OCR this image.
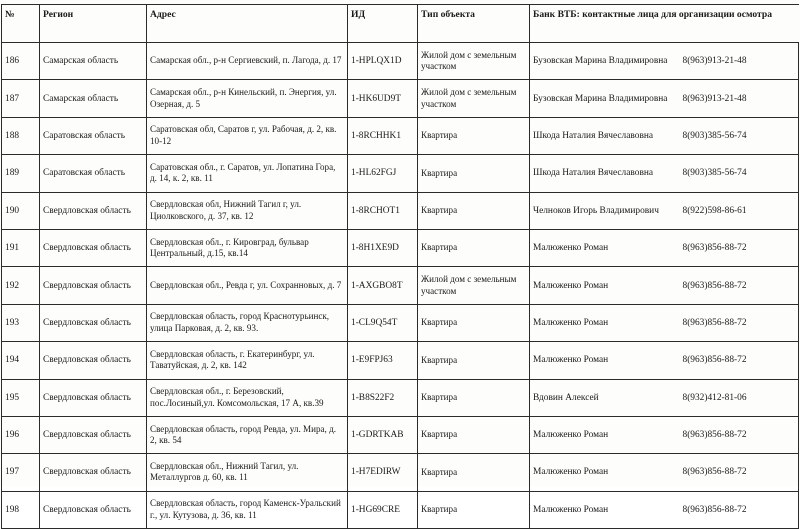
№	Регион	Адрес	ИД	Тип объекта	Банк ВТБ: контактные лица для организации осмотра	
186	Самарская область	Самарская обл., р-н Сергиевский, п. Лагода, д. 17	1-HPLQX1D	Жилой дом с земельным участком	Бузовская Марина Владимировна	8(963)913-21-48
187	Самарская область	Самарская обл., р-н Кинельский, п. Энергия, ул. Озерная, д. 5	1-HK6UD9T	Жилой дом с земельным участком	Бузовская Марина Владимировна	8(963)913-21-48
188	Саратовская область	Саратовская обл, Саратов г, ул. Рабочая, д. 2, кв. 10-12	1-8RCHHK1	Квартира	Шкода Наталия Вячеславовна	8(903)385-56-74
189	Саратовская область	Саратовская обл., г. Саратов, ул. Лопатина Гора, д. 14, к. 2, кв. 11	1-HL62FGJ	Квартира	Шкода Наталия Вячеславовна	8(903)385-56-74
190	Свердловская область	Свердловская обл, Нижний Тагил г, ул. Циолковского, д. 37, кв. 12	1-8RCHOT1	Квартира	Челноков Игорь Владимирович	8(922)598-86-61
191	Свердловская область	Свердловская обл., г. Кировград, бульвар Центральный, д.15, кв.14	1-8H1XE9D	Квартира	Малюженко Роман	8(963)856-88-72
192	Свердловская область	Свердловская обл., Ревда г, ул. Сохранновых, д. 7	1-AXGBO8T	Жилой дом с земельным участком	Малюженко Роман	8(963)856-88-72
193	Свердловская область	Свердловская область, город Краснотурьинск, улица Парковая, д. 2, кв. 93.	1-CL9Q54T	Квартира	Малюженко Роман	8(963)856-88-72
194	Свердловская область	Свердловская область, г. Екатеринбург, ул. Таватуйская, д. 2, кв. 142	1-E9FPJ63	Квартира	Малюженко Роман	8(963)856-88-72
195	Свердловская область	Свердловская обл., г. Березовский, пос.Лосиный,ул. Комсомольская, 17 А, кв.39	1-B8S22F2	Квартира	Вдовин Алексей	8(932)412-81-06
196	Свердловская область	Свердловская область, город Ревда, ул. Мира, д. 2, кв. 54	1-GDRTKAB	Квартира	Малюженко Роман	8(963)856-88-72
197	Свердловская область	Свердловская обл., Нижний Тагил, ул. Металлургов д. 60, кв. 11	1-H7EDIRW	Квартира	Малюженко Роман	8(963)856-88-72
198	Свердловская область	Свердловская область, город Каменск-Уральский г., ул. Кутузова, д. 36, кв. 11	1-HG69CRE	Квартира	Малюженко Роман	8(963)856-88-72
